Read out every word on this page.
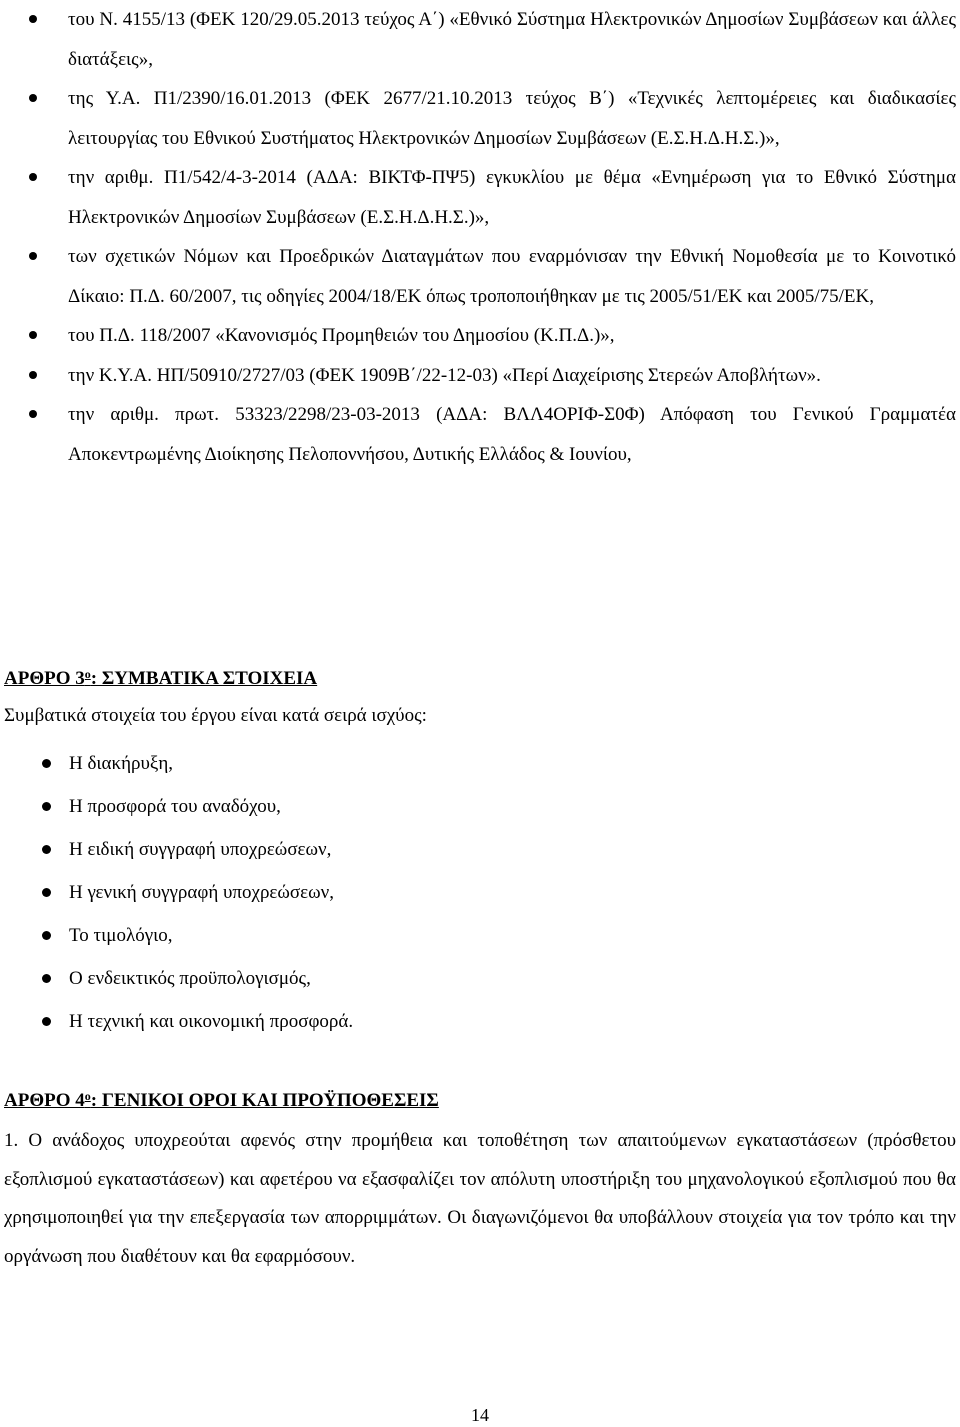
του Ν. 4155/13 (ΦΕΚ 120/29.05.2013 τεύχος Α΄) «Εθνικό Σύστημα Ηλεκτρονικών Δημοσίων Συμβάσεων και άλλες διατάξεις»,
της Υ.Α. Π1/2390/16.01.2013 (ΦΕΚ 2677/21.10.2013 τεύχος Β΄) «Τεχνικές λεπτομέρειες και διαδικασίες λειτουργίας του Εθνικού Συστήματος Ηλεκτρονικών Δημοσίων Συμβάσεων (Ε.Σ.Η.Δ.Η.Σ.)»,
την αριθμ. Π1/542/4-3-2014 (ΑΔΑ: ΒΙΚΤΦ-ΠΨ5) εγκυκλίου με θέμα «Ενημέρωση για το Εθνικό Σύστημα Ηλεκτρονικών Δημοσίων Συμβάσεων (Ε.Σ.Η.Δ.Η.Σ.)»,
των σχετικών Νόμων και Προεδρικών Διαταγμάτων που εναρμόνισαν την Εθνική Νομοθεσία με το Κοινοτικό Δίκαιο: Π.Δ. 60/2007, τις οδηγίες 2004/18/ΕΚ όπως τροποποιήθηκαν με τις 2005/51/ΕΚ και 2005/75/ΕΚ,
του Π.Δ. 118/2007 «Κανονισμός Προμηθειών του Δημοσίου (Κ.Π.Δ.)»,
την Κ.Υ.Α. ΗΠ/50910/2727/03 (ΦΕΚ 1909Β΄/22-12-03) «Περί Διαχείρισης Στερεών Αποβλήτων».
την αριθμ. πρωτ. 53323/2298/23-03-2013 (ΑΔΑ: ΒΛΛ4ΟΡΙΦ-Σ0Φ) Απόφαση του Γενικού Γραμματέα Αποκεντρωμένης Διοίκησης Πελοποννήσου, Δυτικής Ελλάδος & Ιουνίου,
ΑΡΘΡΟ $3^o$: ΣΥΜΒΑΤΙΚΑ ΣΤΟΙΧΕΙΑ
Συμβατικά στοιχεία του έργου είναι κατά σειρά ισχύος:
Η διακήρυξη,
Η προσφορά του αναδόχου,
Η ειδική συγγραφή υποχρεώσεων,
Η γενική συγγραφή υποχρεώσεων,
Το τιμολόγιο,
Ο ενδεικτικός προϋπολογισμός,
Η τεχνική και οικονομική προσφορά.
ΑΡΘΡΟ $4^o$: ΓΕΝΙΚΟΙ ΟΡΟΙ ΚΑΙ ΠΡΟΫΠΟΘΕΣΕΙΣ

1. Ο ανάδοχος υποχρεούται αφενός στην προμήθεια και τοποθέτηση των απαιτούμενων εγκαταστάσεων (πρόσθετου εξοπλισμού εγκαταστάσεων) και αφετέρου να εξασφαλίζει τον απόλυτη υποστήριξη του μηχανολογικού εξοπλισμού που θα χρησιμοποιηθεί για την επεξεργασία των απορριμμάτων. Οι διαγωνιζόμενοι θα υποβάλλουν στοιχεία για τον τρόπο και την οργάνωση που διαθέτουν και θα εφαρμόσουν.

14
